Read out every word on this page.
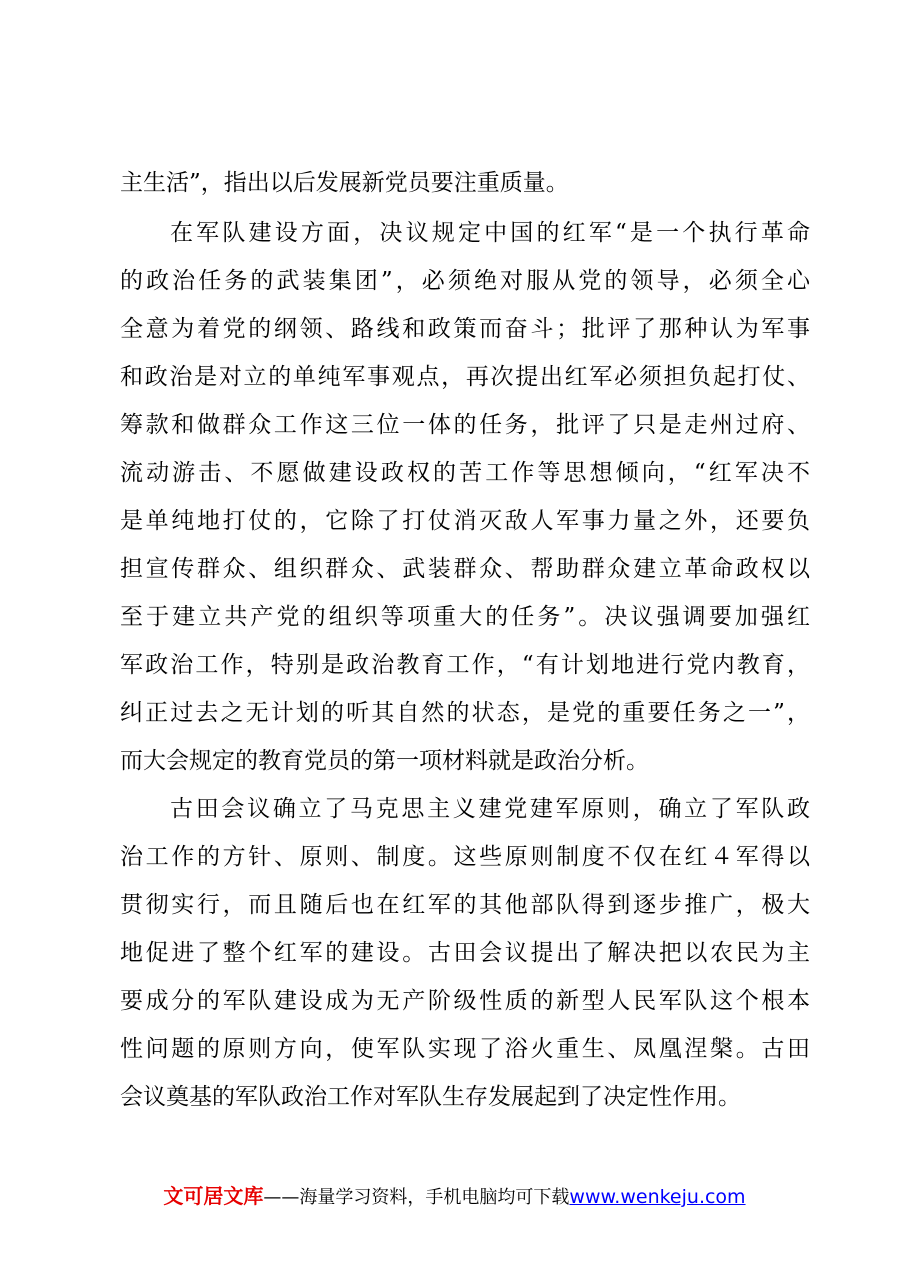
主生活”，指出以后发展新党员要注重质量。
在军队建设方面，决议规定中国的红军“是一个执行革命
的政治任务的武装集团”，必须绝对服从党的领导，必须全心
全意为着党的纲领、路线和政策而奋斗；批评了那种认为军事
和政治是对立的单纯军事观点，再次提出红军必须担负起打仗、
筹款和做群众工作这三位一体的任务，批评了只是走州过府、
流动游击、不愿做建设政权的苦工作等思想倾向，“红军决不
是单纯地打仗的，它除了打仗消灭敌人军事力量之外，还要负
担宣传群众、组织群众、武装群众、帮助群众建立革命政权以
至于建立共产党的组织等项重大的任务”。决议强调要加强红
军政治工作，特别是政治教育工作，“有计划地进行党内教育，
纠正过去之无计划的听其自然的状态，是党的重要任务之一”，
而大会规定的教育党员的第一项材料就是政治分析。
古田会议确立了马克思主义建党建军原则，确立了军队政
治工作的方针、原则、制度。这些原则制度不仅在红４军得以
贯彻实行，而且随后也在红军的其他部队得到逐步推广，极大
地促进了整个红军的建设。古田会议提出了解决把以农民为主
要成分的军队建设成为无产阶级性质的新型人民军队这个根本
性问题的原则方向，使军队实现了浴火重生、凤凰涅槃。古田
会议奠基的军队政治工作对军队生存发展起到了决定性作用。
文可居文库——海量学习资料，手机电脑均可下载www.wenkeju.com
